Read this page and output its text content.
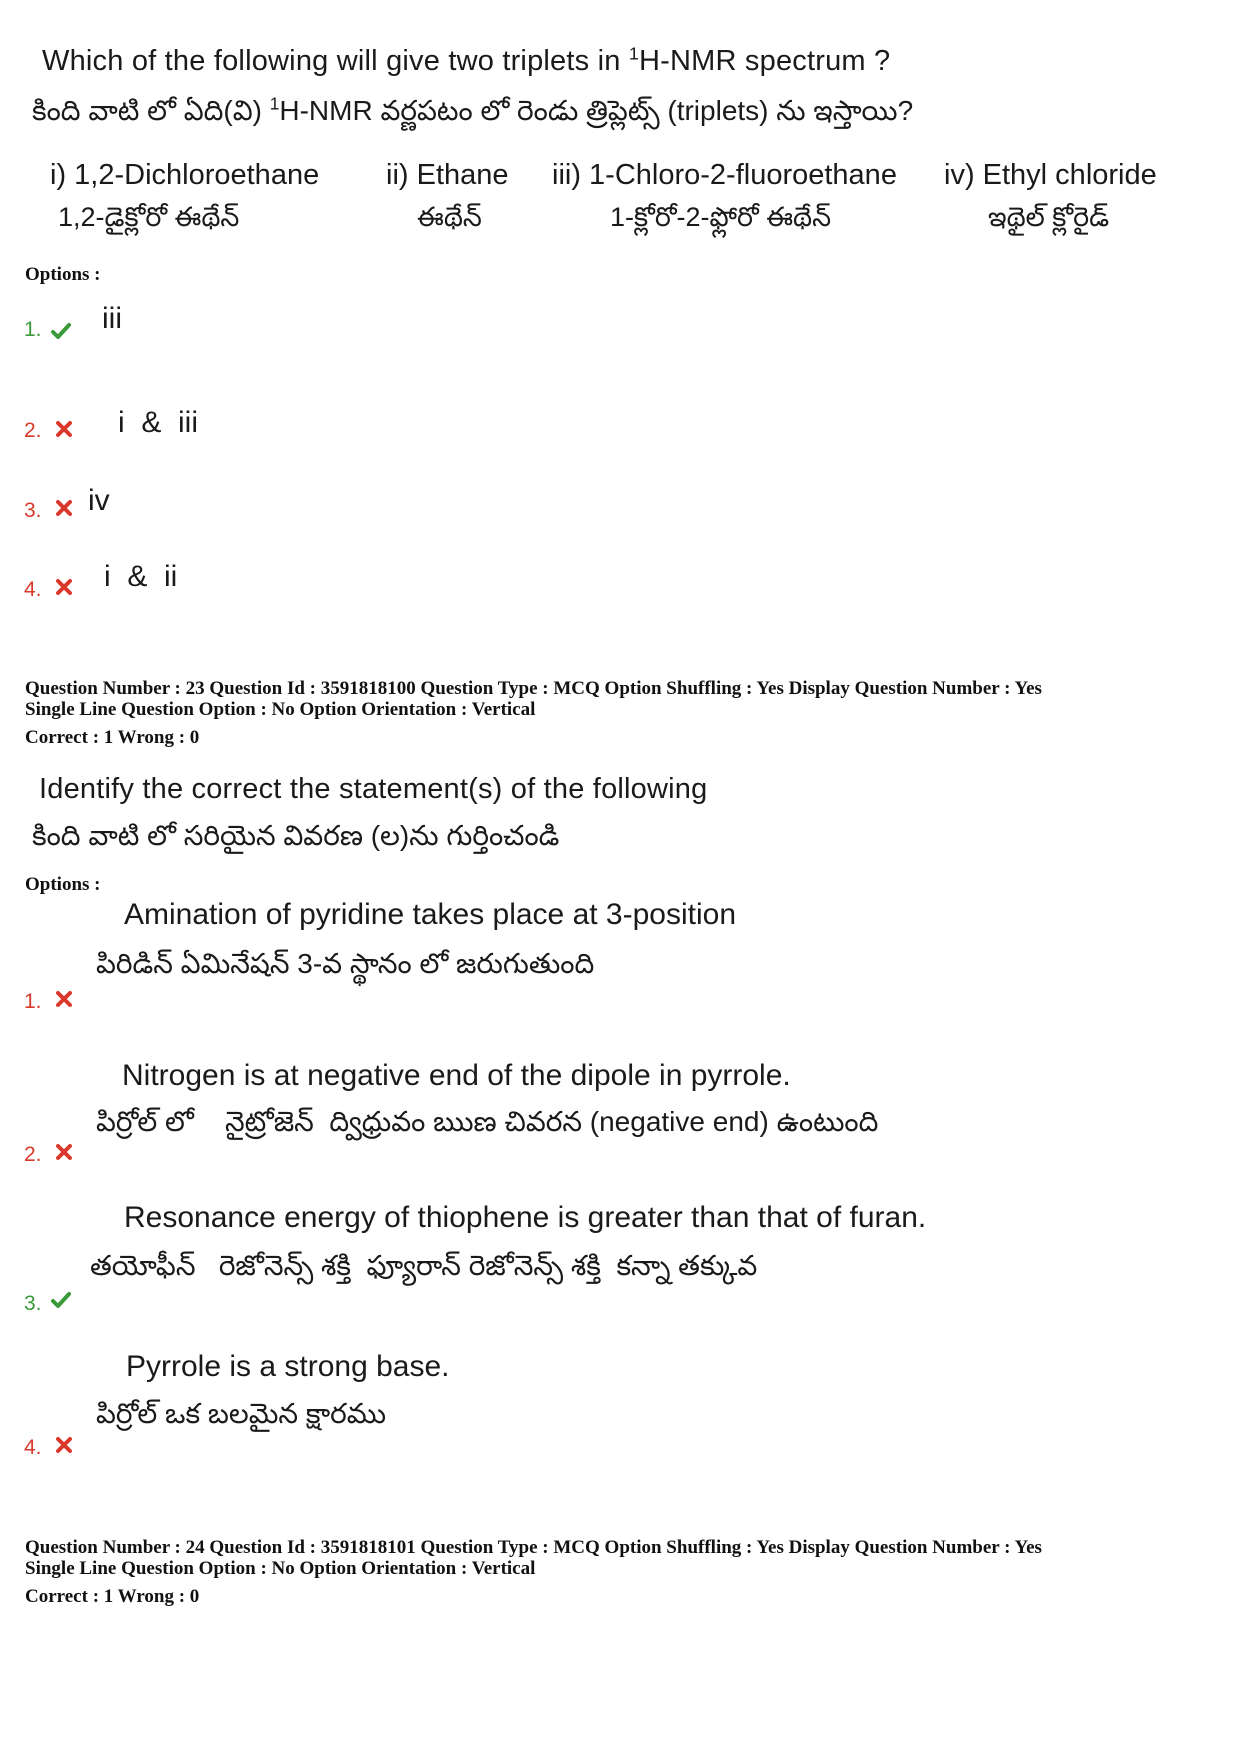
Which of the following will give two triplets in $^1$H-NMR spectrum ?
కింది వాటి లో ఏది(వి) $^1$H-NMR వర్ణపటం లో రెండు త్రిప్లెట్స్ (triplets) ను ఇస్తాయి?
i) 1,2-Dichloroethane
1,2-డైక్లోరో ఈథేన్
ii) Ethane
ఈథేన్
iii) 1-Chloro-2-fluoroethane
1-క్లోరో-2-ఫ్లోరో ఈథేన్
iv) Ethyl chloride
ఇథైల్ క్లోరైడ్
Options :
1. iii
2.	i  &  iii
3. iv
4. i  &  ii
Question Number : 23 Question Id : 3591818100 Question Type : MCQ Option Shuffling : Yes Display Question Number : Yes
Single Line Question Option : No Option Orientation : Vertical
Correct : 1 Wrong : 0
Identify the correct the statement(s) of the following
కింది వాటి లో సరియైన వివరణ (ల)ను గుర్తించండి
Options :
Amination of pyridine takes place at 3-position
పిరిడిన్ ఏమినేషన్ 3-వ స్థానం లో జరుగుతుంది
1.
Nitrogen is at negative end of the dipole in pyrrole.
పిర్రోల్ లో    నైట్రోజెన్  ద్విధ్రువం ఋణ చివరన (negative end) ఉంటుంది
2.
Resonance energy of thiophene is greater than that of furan.
తయోఫీన్   రెజోనెన్స్ శక్తి  ఫ్యూరాన్ రెజోనెన్స్ శక్తి  కన్నా తక్కువ
3.
Pyrrole is a strong base.
పిర్రోల్ ఒక బలమైన క్షారము
4.
Question Number : 24 Question Id : 3591818101 Question Type : MCQ Option Shuffling : Yes Display Question Number : Yes
Single Line Question Option : No Option Orientation : Vertical
Correct : 1 Wrong : 0
